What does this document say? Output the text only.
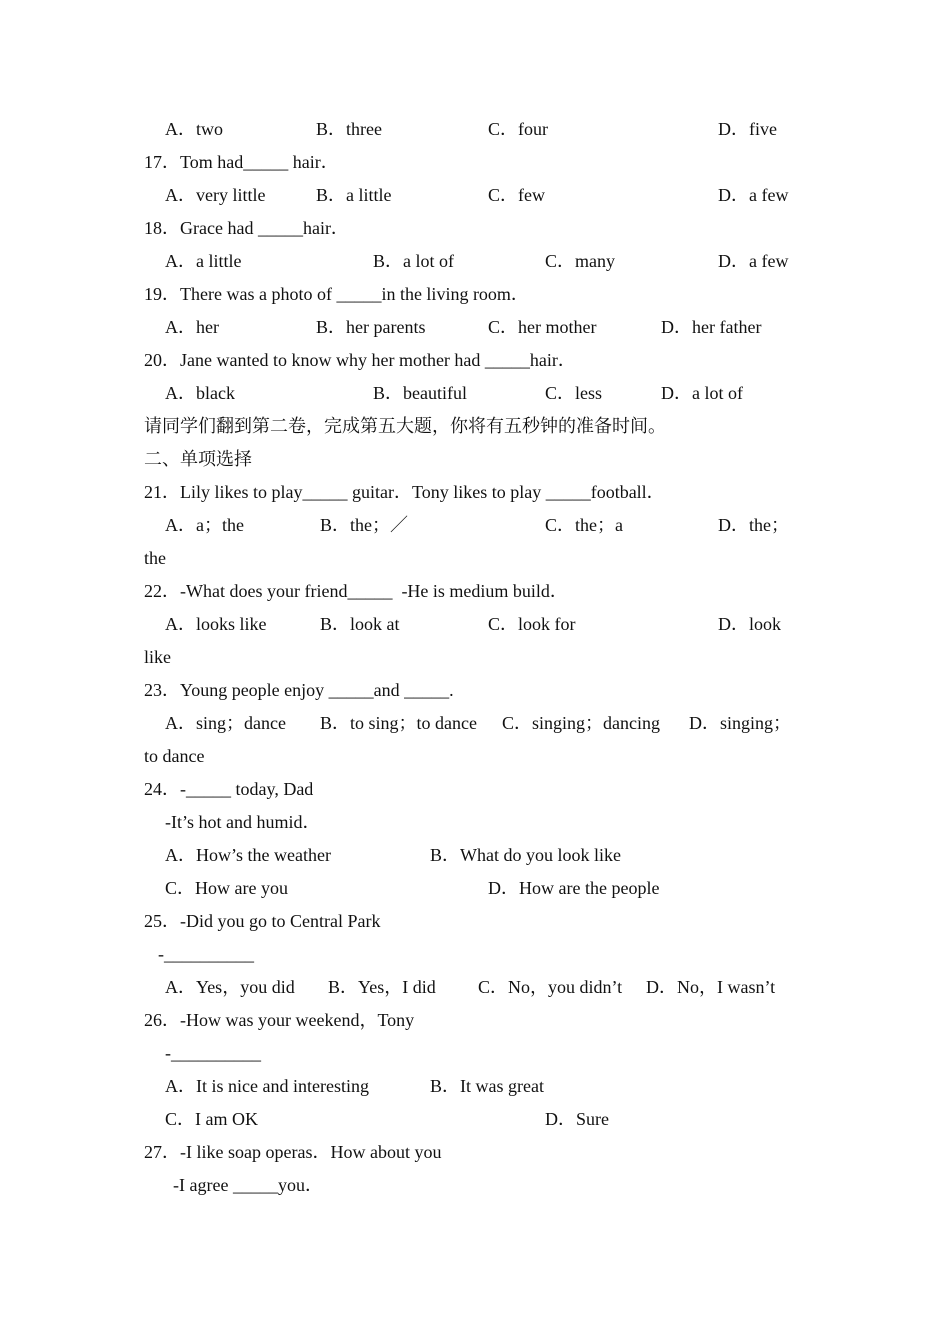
A．two	B．three	C．four	D．five
17．Tom had_____ hair．
A．very little	B．a little	C．few	D．a few
18．Grace had _____hair．
A．a little	B．a lot of	C．many	D．a few
19．There was a photo of _____in the living room．
A．her	B．her parents	C．her mother	D．her father
20．Jane wanted to know why her mother had _____hair．
A．black	B．beautiful	C．less	D．a lot of
请同学们翻到第二卷，完成第五大题，你将有五秒钟的准备时间。
二、单项选择
21．Lily likes to play_____ guitar．Tony likes to play _____football．
A．a；the	B．the；／	C．the；a	D．the；
the
22．-What does your friend_____  -He is medium build．
A．looks like	B．look at	C．look for	D．look
like
23．Young people enjoy _____and _____.
A．sing；dance B．to sing；to dance C．singing；dancing D．singing；
to dance
24．-_____ today, Dad
-It’s hot and humid．
A．How’s the weather	B．What do you look like
C．How are you	D．How are the people
25．-Did you go to Central Park
-__________
A．Yes，you did B．Yes，I did C．No，you didn’t D．No，I wasn’t
26．-How was your weekend，Tony
-__________
A．It is nice and interesting	B．It was great
C．I am OK	D．Sure
27．-I like soap operas．How about you
-I agree _____you．
